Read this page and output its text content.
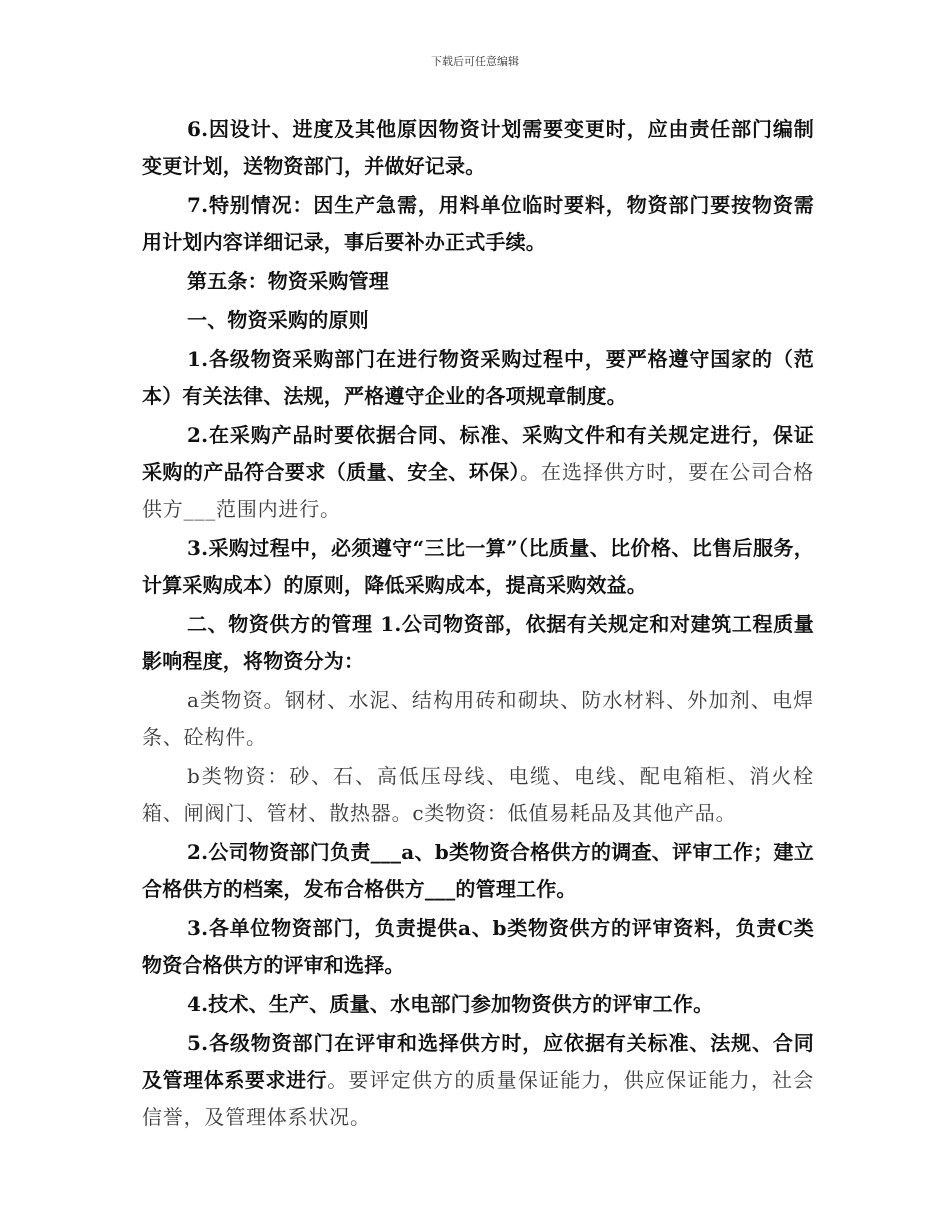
下载后可任意编辑
6.因设计、进度及其他原因物资计划需要变更时，应由责任部门编制变更计划，送物资部门，并做好记录。
7.特别情况：因生产急需，用料单位临时要料，物资部门要按物资需用计划内容详细记录，事后要补办正式手续。
第五条：物资采购管理
一、物资采购的原则
1.各级物资采购部门在进行物资采购过程中，要严格遵守国家的（范本）有关法律、法规，严格遵守企业的各项规章制度。
2.在采购产品时要依据合同、标准、采购文件和有关规定进行，保证采购的产品符合要求（质量、安全、环保）。在选择供方时，要在公司合格供方___范围内进行。
3.采购过程中，必须遵守“三比一算”（比质量、比价格、比售后服务，计算采购成本）的原则，降低采购成本，提高采购效益。
二、物资供方的管理 1.公司物资部，依据有关规定和对建筑工程质量影响程度，将物资分为：
a类物资。钢材、水泥、结构用砖和砌块、防水材料、外加剂、电焊条、砼构件。
b类物资：砂、石、高低压母线、电缆、电线、配电箱柜、消火栓箱、闸阀门、管材、散热器。c类物资：低值易耗品及其他产品。
2.公司物资部门负责___a、b类物资合格供方的调查、评审工作；建立合格供方的档案，发布合格供方___的管理工作。
3.各单位物资部门，负责提供a、b类物资供方的评审资料，负责C类物资合格供方的评审和选择。
4.技术、生产、质量、水电部门参加物资供方的评审工作。
5.各级物资部门在评审和选择供方时，应依据有关标准、法规、合同及管理体系要求进行。要评定供方的质量保证能力，供应保证能力，社会信誉，及管理体系状况。
